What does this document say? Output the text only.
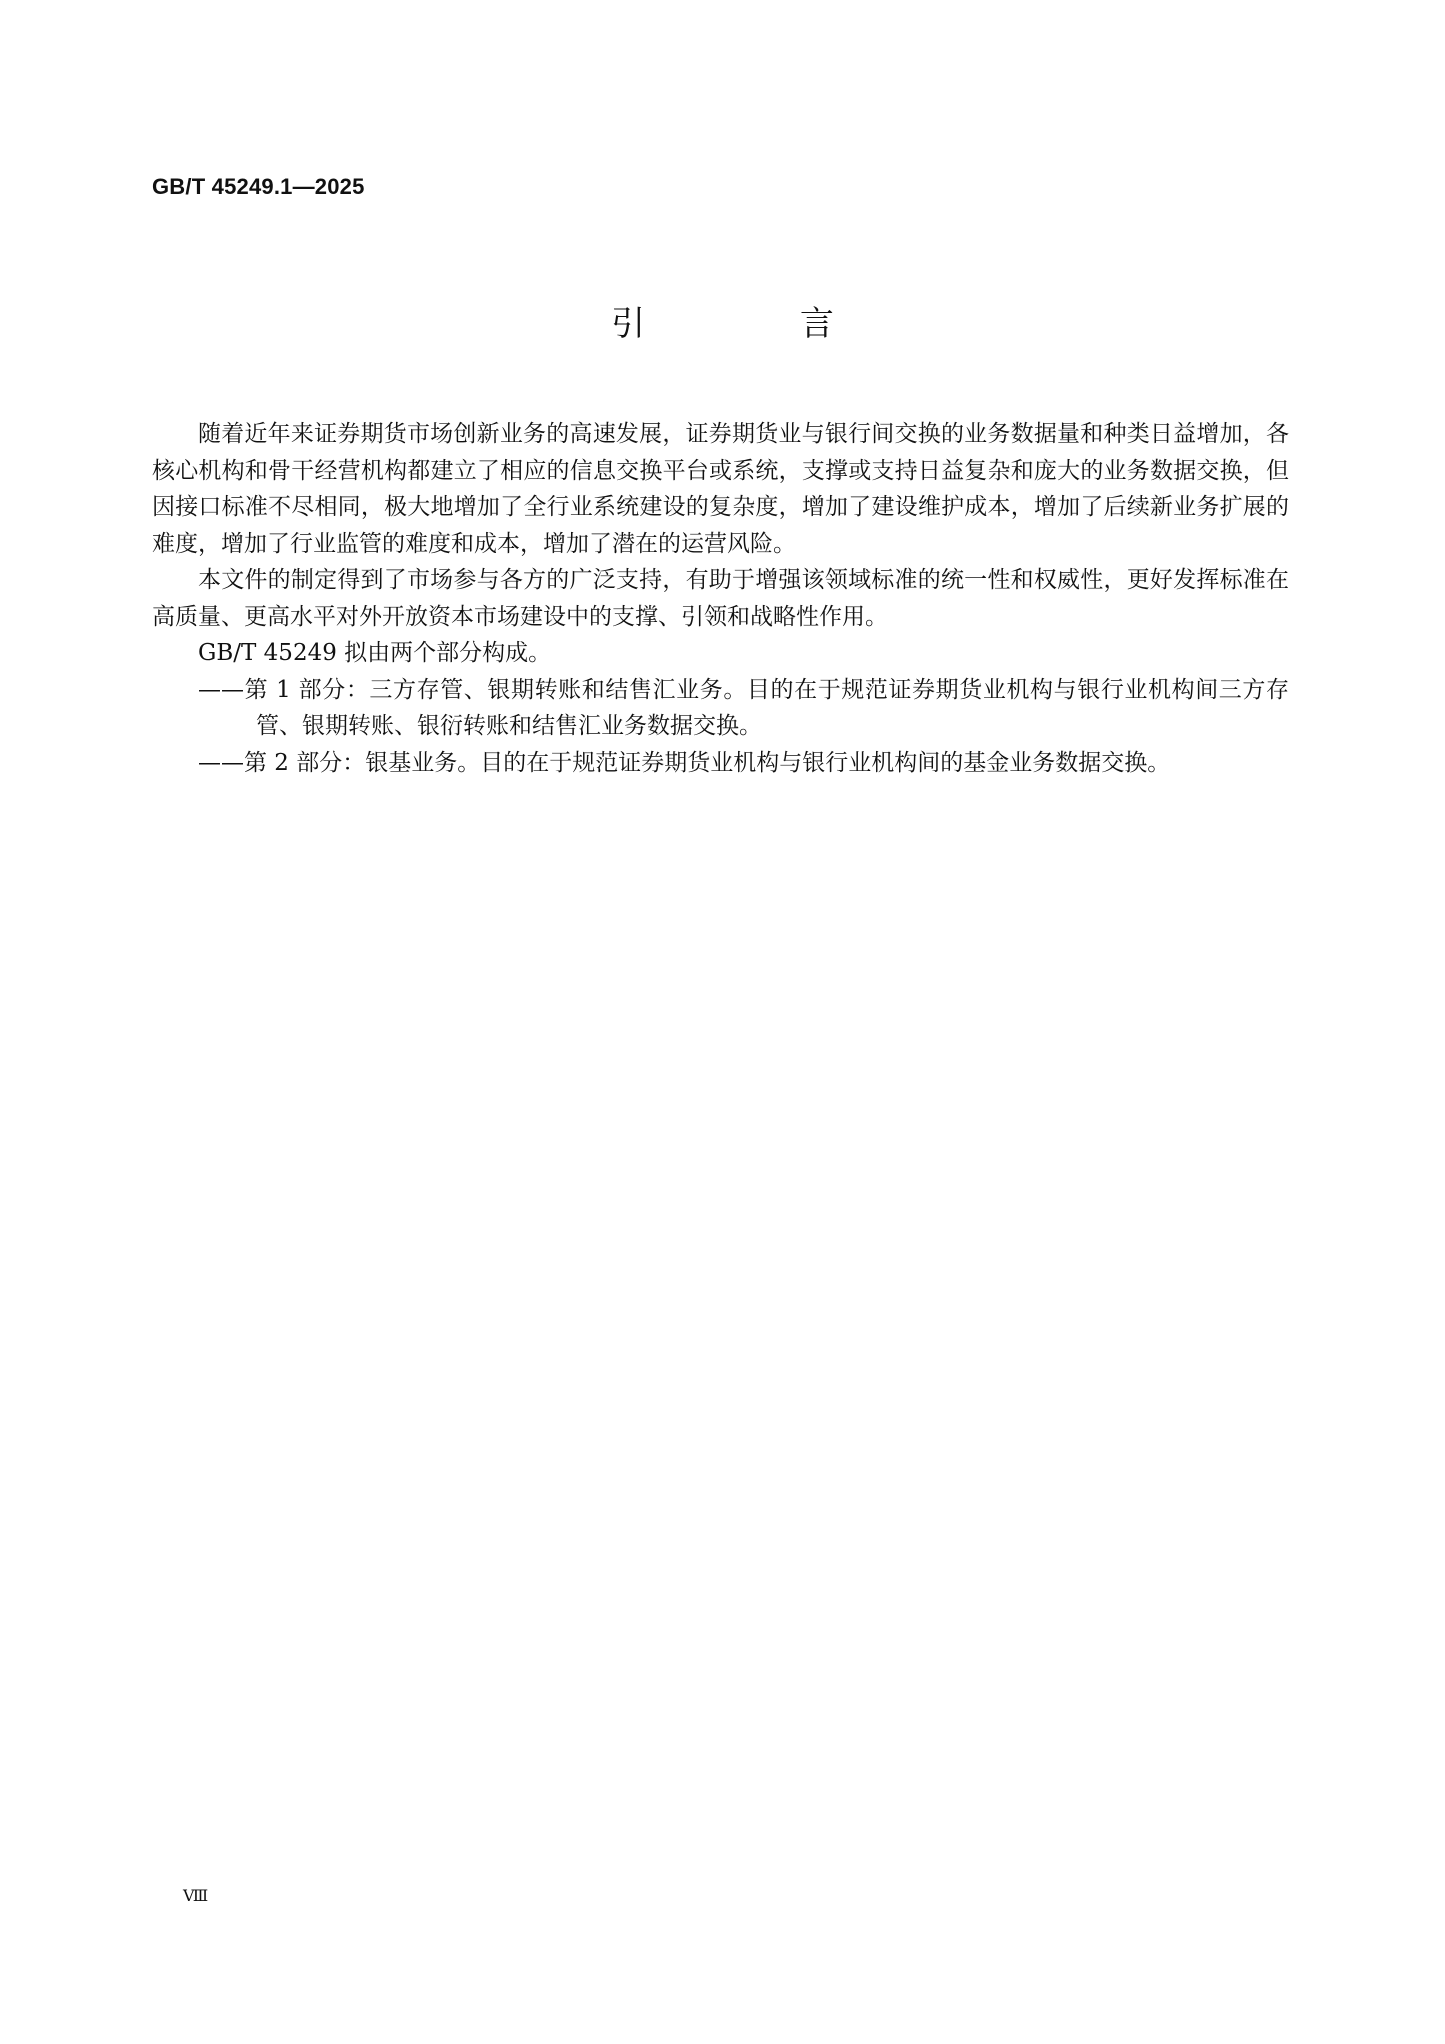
GB/T 45249.1—2025
引 言

随着近年来证券期货市场创新业务的高速发展，证券期货业与银行间交换的业务数据量和种类日益增加，各核心机构和骨干经营机构都建立了相应的信息交换平台或系统，支撑或支持日益复杂和庞大的业务数据交换，但因接口标准不尽相同，极大地增加了全行业系统建设的复杂度，增加了建设维护成本，增加了后续新业务扩展的难度，增加了行业监管的难度和成本，增加了潜在的运营风险。

本文件的制定得到了市场参与各方的广泛支持，有助于增强该领域标准的统一性和权威性，更好发挥标准在高质量、更高水平对外开放资本市场建设中的支撑、引领和战略性作用。

GB/T 45249 拟由两个部分构成。

——第 1 部分：三方存管、银期转账和结售汇业务。目的在于规范证券期货业机构与银行业机构间三方存管、银期转账、银衍转账和结售汇业务数据交换。

——第 2 部分：银基业务。目的在于规范证券期货业机构与银行业机构间的基金业务数据交换。

Ⅷ
